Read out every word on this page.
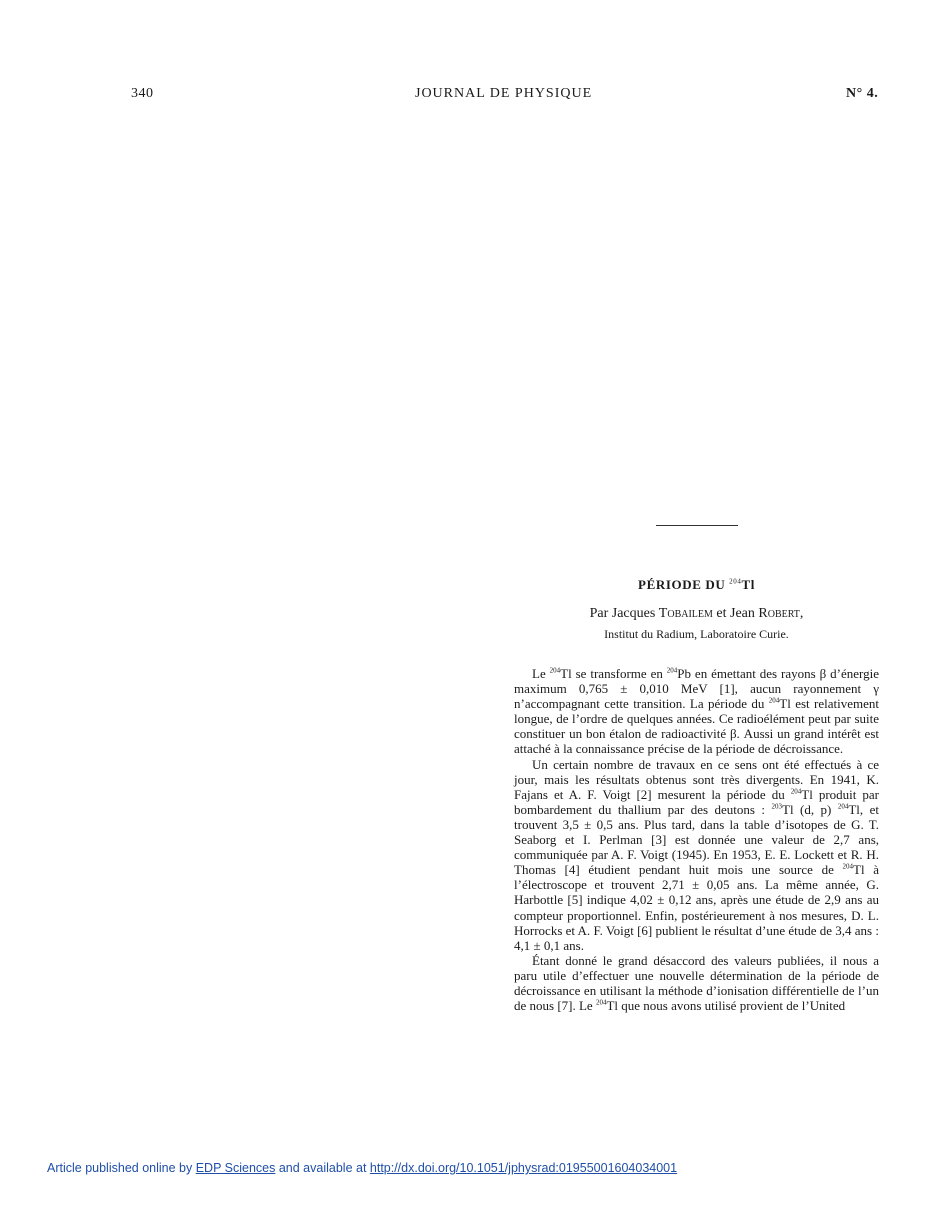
340	JOURNAL DE PHYSIQUE	N° 4.
PÉRIODE DU $^{204}$Tl
Par Jacques Tobailem et Jean Robert,
Institut du Radium, Laboratoire Curie.

Le $^{204}$Tl se transforme en $^{204}$Pb en émettant des rayons β d’énergie maximum 0,765 ± 0,010 MeV [1], aucun rayonnement γ n’accompagnant cette transition. La période du $^{204}$Tl est relativement longue, de l’ordre de quelques années. Ce radioélément peut par suite constituer un bon étalon de radioactivité β. Aussi un grand intérêt est attaché à la connaissance précise de la période de décroissance.

Un certain nombre de travaux en ce sens ont été effectués à ce jour, mais les résultats obtenus sont très divergents. En 1941, K. Fajans et A. F. Voigt [2] mesurent la période du $^{204}$Tl produit par bombardement du thallium par des deutons : $^{203}$Tl (d, p) $^{204}$Tl, et trouvent 3,5 ± 0,5 ans. Plus tard, dans la table d’isotopes de G. T. Seaborg et I. Perlman [3] est donnée une valeur de 2,7 ans, communiquée par A. F. Voigt (1945). En 1953, E. E. Lockett et R. H. Thomas [4] étudient pendant huit mois une source de $^{204}$Tl à l’électroscope et trouvent 2,71 ± 0,05 ans. La même année, G. Harbottle [5] indique 4,02 ± 0,12 ans, après une étude de 2,9 ans au compteur proportionnel. Enfin, postérieurement à nos mesures, D. L. Horrocks et A. F. Voigt [6] publient le résultat d’une étude de 3,4 ans : 4,1 ± 0,1 ans.

Étant donné le grand désaccord des valeurs publiées, il nous a paru utile d’effectuer une nouvelle détermination de la période de décroissance en utilisant la méthode d’ionisation différentielle de l’un de nous [7]. Le $^{204}$Tl que nous avons utilisé provient de l’United

Article published online by EDP Sciences and available at http://dx.doi.org/10.1051/jphysrad:01955001604034001
